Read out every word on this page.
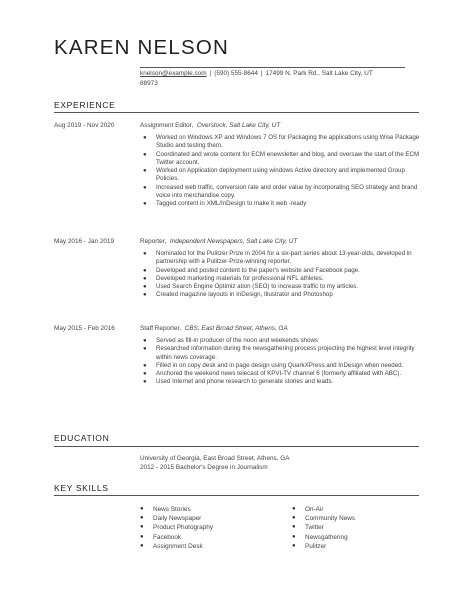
KAREN NELSON
knelson@example.com | (590) 555-8644 | 17499 N. Park Rd., Salt Lake City, UT
88973
EXPERIENCE
Aug 2019 - Nov 2020	Assignment Editor, Overstock, Salt Lake City, UT
● Worked on Windows XP and Windows 7 OS for Packaging the applications using Wise Package Studio and testing them.
● Coordinated and wrote content for ECM enewsletter and blog, and oversaw the start of the ECM Twitter account.
● Worked on Application deployment using windows Active directory and implemented Group Policies.
● Increased web traffic, conversion rate and order value by incorporating SEO strategy and brand voice into merchandise copy.
● Tagged content in XML/InDesign to make it web -ready
May 2016 - Jan 2019	Reporter, Independent Newspapers, Salt Lake City, UT
● Nominated for the Pulitzer Prize in 2004 for a six-part series about 13-year-olds, developed in partnership with a Pulitzer-Prize-winning reporter.
● Developed and posted content to the paper's website and Facebook page.
● Developed marketing materials for professional NFL athletes.
● Used Search Engine Optimiz ation (SEO) to increase traffic to my articles.
● Created magazine layouts in InDesign, Illustrator and Photoshop
May 2015 - Feb 2016	Staff Reporter, CBS, East Broad Street, Athens, GA
● Served as fill-in producer of the noon and weekends shows
● Researched information during the newsgathering process projecting the highest level integrity within news coverage.
● Filled in on copy desk and in page design using QuarkXPress and InDesign when needed.
● Anchored the weekend news telecast of KPVI-TV channel 6 (formerly affiliated with ABC).
● Used Internet and phone research to generate stories and leads.
EDUCATION
University of Georgia, East Broad Street, Athens, GA
2012 - 2015 Bachelor's Degree in Journalism
KEY SKILLS
● News Stories
● Daily Newspaper
● Product Photography
● Facebook
● Assignment Desk
● On-Air
● Community News
● Twitter
● Newsgathering
● Pulitzer
